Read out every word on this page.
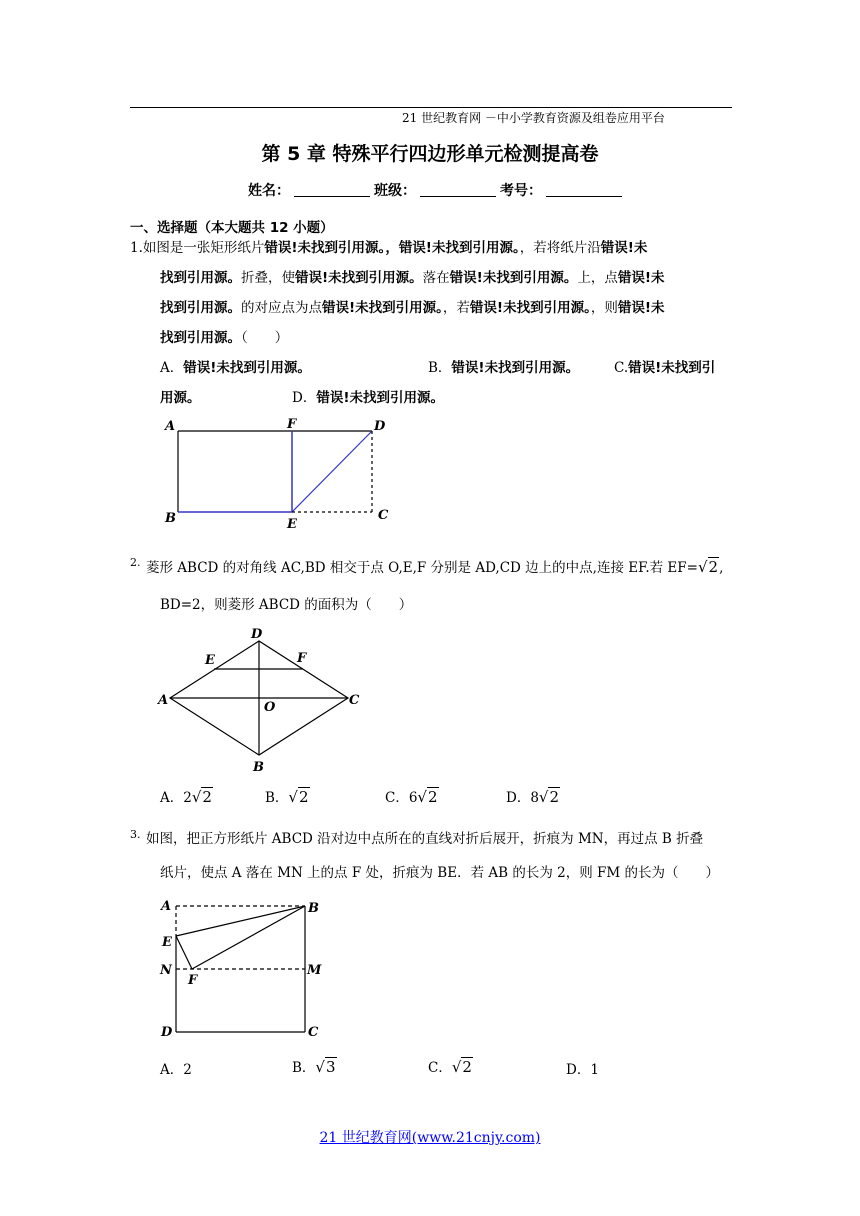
21 世纪教育网 －中小学教育资源及组卷应用平台
第 5 章 特殊平行四边形单元检测提高卷
姓名：	班级：	考号：
一、选择题（本大题共 12 小题）
1.如图是一张矩形纸片错误!未找到引用源。，错误!未找到引用源。，若将纸片沿错误!未
找到引用源。折叠，使错误!未找到引用源。落在错误!未找到引用源。上，点错误!未
找到引用源。的对应点为点错误!未找到引用源。，若错误!未找到引用源。，则错误!未
找到引用源。（　　）
A．错误!未找到引用源。	B．错误!未找到引用源。	C.错误!未找到引
用源。	D．错误!未找到引用源。
A	F	D
B	E
C
2. 菱形 ABCD 的对角线 AC,BD 相交于点 O,E,F 分别是 AD,CD 边上的中点,连接 EF.若 EF=√2,
BD=2，则菱形 ABCD 的面积为（　　）
D
E	F
A	O	C
B
A．2√2	B．√2	C．6√2	D．8√2
3. 如图，把正方形纸片 ABCD 沿对边中点所在的直线对折后展开，折痕为 MN，再过点 B 折叠
纸片，使点 A 落在 MN 上的点 F 处，折痕为 BE．若 AB 的长为 2，则 FM 的长为（　　）
A	B
E
N	M
F
D	C
A．2	B．√3	C．√2	D．1
21 世纪教育网(www.21cnjy.com)
